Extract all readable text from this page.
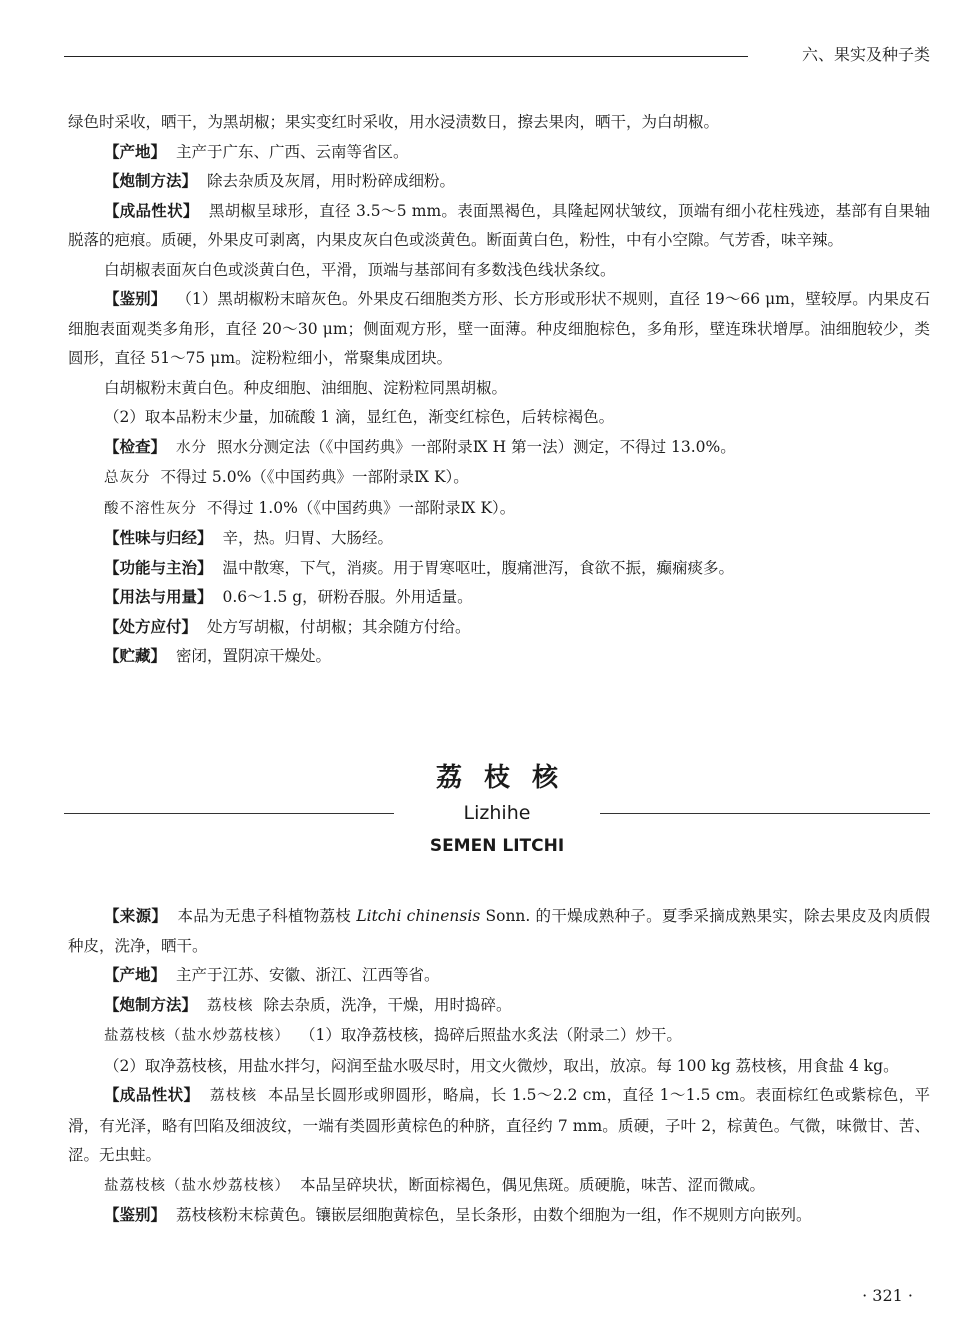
六、果实及种子类

绿色时采收，晒干，为黑胡椒；果实变红时采收，用水浸渍数日，擦去果肉，晒干，为白胡椒。

【产地】 主产于广东、广西、云南等省区。

【炮制方法】 除去杂质及灰屑，用时粉碎成细粉。

【成品性状】 黑胡椒呈球形，直径 3.5～5 mm。表面黑褐色，具隆起网状皱纹，顶端有细小花柱残迹，基部有自果轴脱落的疤痕。质硬，外果皮可剥离，内果皮灰白色或淡黄色。断面黄白色，粉性，中有小空隙。气芳香，味辛辣。

白胡椒表面灰白色或淡黄白色，平滑，顶端与基部间有多数浅色线状条纹。

【鉴别】 （1）黑胡椒粉末暗灰色。外果皮石细胞类方形、长方形或形状不规则，直径 19～66 μm，壁较厚。内果皮石细胞表面观类多角形，直径 20～30 μm；侧面观方形，壁一面薄。种皮细胞棕色，多角形，壁连珠状增厚。油细胞较少，类圆形，直径 51～75 μm。淀粉粒细小，常聚集成团块。

白胡椒粉末黄白色。种皮细胞、油细胞、淀粉粒同黑胡椒。

（2）取本品粉末少量，加硫酸 1 滴，显红色，渐变红棕色，后转棕褐色。

【检查】 水分 照水分测定法（《中国药典》一部附录Ⅸ H 第一法）测定，不得过 13.0%。

总灰分 不得过 5.0%（《中国药典》一部附录Ⅸ K）。

酸不溶性灰分 不得过 1.0%（《中国药典》一部附录Ⅸ K）。

【性味与归经】 辛，热。归胃、大肠经。

【功能与主治】 温中散寒，下气，消痰。用于胃寒呕吐，腹痛泄泻，食欲不振，癫痫痰多。

【用法与用量】 0.6～1.5 g，研粉吞服。外用适量。

【处方应付】 处方写胡椒，付胡椒；其余随方付给。

【贮藏】 密闭，置阴凉干燥处。

荔枝核
Lizhihe
SEMEN LITCHI

【来源】 本品为无患子科植物荔枝 Litchi chinensis Sonn. 的干燥成熟种子。夏季采摘成熟果实，除去果皮及肉质假种皮，洗净，晒干。

【产地】 主产于江苏、安徽、浙江、江西等省。

【炮制方法】 荔枝核 除去杂质，洗净，干燥，用时捣碎。

盐荔枝核（盐水炒荔枝核） （1）取净荔枝核，捣碎后照盐水炙法（附录二）炒干。

（2）取净荔枝核，用盐水拌匀，闷润至盐水吸尽时，用文火微炒，取出，放凉。每 100 kg 荔枝核，用食盐 4 kg。

【成品性状】 荔枝核 本品呈长圆形或卵圆形，略扁，长 1.5～2.2 cm，直径 1～1.5 cm。表面棕红色或紫棕色，平滑，有光泽，略有凹陷及细波纹，一端有类圆形黄棕色的种脐，直径约 7 mm。质硬，子叶 2，棕黄色。气微，味微甘、苦、涩。无虫蛀。

盐荔枝核（盐水炒荔枝核） 本品呈碎块状，断面棕褐色，偶见焦斑。质硬脆，味苦、涩而微咸。

【鉴别】 荔枝核粉末棕黄色。镶嵌层细胞黄棕色，呈长条形，由数个细胞为一组，作不规则方向嵌列。

· 321 ·
